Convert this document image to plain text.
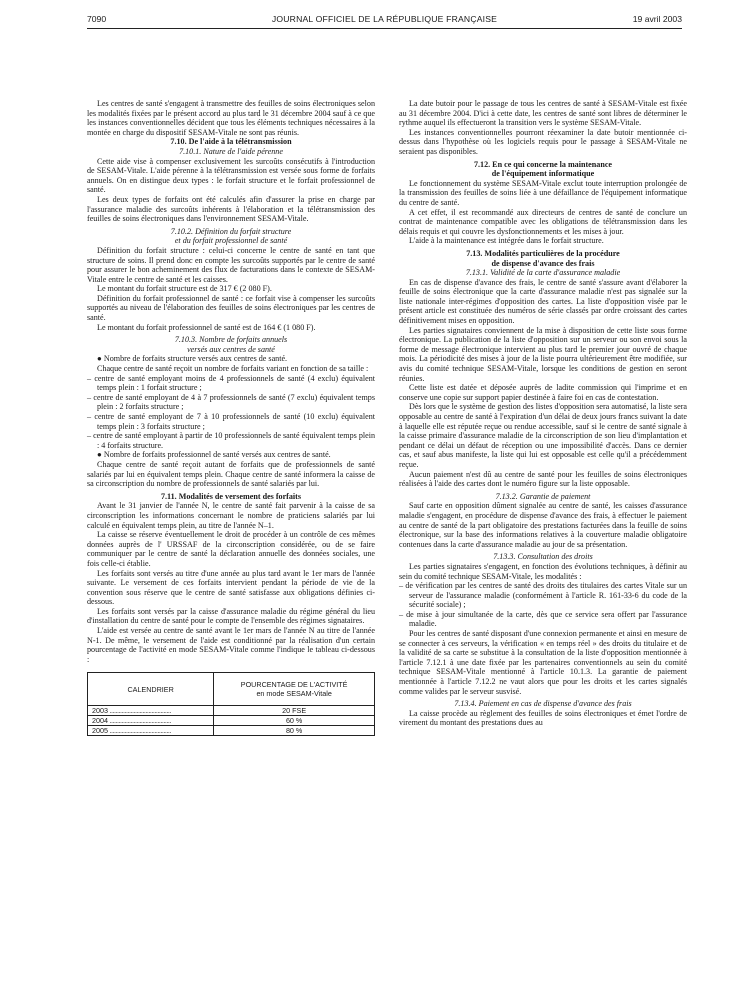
7090	JOURNAL OFFICIEL DE LA RÉPUBLIQUE FRANÇAISE	19 avril 2003

Les centres de santé s'engagent à transmettre des feuilles de soins électroniques selon les modalités fixées par le présent accord au plus tard le 31 décembre 2004 sauf à ce que les instances conventionnelles décident que tous les éléments techniques nécessaires à la montée en charge du dispositif SESAM-Vitale ne sont pas réunis.

7.10. De l'aide à la télétransmission

7.10.1. Nature de l'aide pérenne

Cette aide vise à compenser exclusivement les surcoûts consécutifs à l'introduction de SESAM-Vitale. L'aide pérenne à la télétransmission est versée sous forme de forfaits annuels. On en distingue deux types : le forfait structure et le forfait professionnel de santé.

Les deux types de forfaits ont été calculés afin d'assurer la prise en charge par l'assurance maladie des surcoûts inhérents à l'élaboration et la télétransmission des feuilles de soins électroniques dans l'environnement SESAM-Vitale.

7.10.2. Définition du forfait structure

et du forfait professionnel de santé

Définition du forfait structure : celui-ci concerne le centre de santé en tant que structure de soins. Il prend donc en compte les surcoûts supportés par le centre de santé pour assurer le bon acheminement des flux de facturations dans le contexte de SESAM-Vitale entre le centre de santé et les caisses.

Le montant du forfait structure est de 317 € (2 080 F).

Définition du forfait professionnel de santé : ce forfait vise à compenser les surcoûts supportés au niveau de l'élaboration des feuilles de soins électroniques par les centres de santé.

Le montant du forfait professionnel de santé est de 164 € (1 080 F).

7.10.3. Nombre de forfaits annuels

versés aux centres de santé

● Nombre de forfaits structure versés aux centres de santé.

Chaque centre de santé reçoit un nombre de forfaits variant en fonction de sa taille :

– centre de santé employant moins de 4 professionnels de santé (4 exclu) équivalent temps plein : 1 forfait structure ;

– centre de santé employant de 4 à 7 professionnels de santé (7 exclu) équivalent temps plein : 2 forfaits structure ;

– centre de santé employant de 7 à 10 professionnels de santé (10 exclu) équivalent temps plein : 3 forfaits structure ;

– centre de santé employant à partir de 10 professionnels de santé équivalent temps plein : 4 forfaits structure.

● Nombre de forfaits professionnel de santé versés aux centres de santé.

Chaque centre de santé reçoit autant de forfaits que de professionnels de santé salariés par lui en équivalent temps plein. Chaque centre de santé informera la caisse de sa circonscription du nombre de professionnels de santé salariés par lui.

7.11. Modalités de versement des forfaits

Avant le 31 janvier de l'année N, le centre de santé fait parvenir à la caisse de sa circonscription les informations concernant le nombre de praticiens salariés par lui calculé en équivalent temps plein, au titre de l'année N–1.

La caisse se réserve éventuellement le droit de procéder à un contrôle de ces mêmes données auprès de l' URSSAF de la circonscription considérée, ou de se faire communiquer par le centre de santé la déclaration annuelle des données sociales, une fois celle-ci établie.

Les forfaits sont versés au titre d'une année au plus tard avant le 1er mars de l'année suivante. Le versement de ces forfaits intervient pendant la période de vie de la convention sous réserve que le centre de santé satisfasse aux obligations définies ci-dessous.

Les forfaits sont versés par la caisse d'assurance maladie du régime général du lieu d'installation du centre de santé pour le compte de l'ensemble des régimes signataires.

L'aide est versée au centre de santé avant le 1er mars de l'année N au titre de l'année N-1. De même, le versement de l'aide est conditionné par la réalisation d'un certain pourcentage de l'activité en mode SESAM-Vitale comme l'indique le tableau ci-dessous :

CALENDRIER	POURCENTAGE DE L'ACTIVITÉ
en mode SESAM-Vitale
2003 .........................................	20 FSE
2004 .........................................	60 %
2005 .........................................	80 %

La date butoir pour le passage de tous les centres de santé à SESAM-Vitale est fixée au 31 décembre 2004. D'ici à cette date, les centres de santé sont libres de déterminer le rythme auquel ils effectueront la transition vers le système SESAM-Vitale.

Les instances conventionnelles pourront réexaminer la date butoir mentionnée ci-dessus dans l'hypothèse où les logiciels requis pour le passage à SESAM-Vitale ne seraient pas disponibles.

7.12. En ce qui concerne la maintenance

de l'équipement informatique

Le fonctionnement du système SESAM-Vitale exclut toute interruption prolongée de la transmission des feuilles de soins liée à une défaillance de l'équipement informatique du centre de santé.

A cet effet, il est recommandé aux directeurs de centres de santé de conclure un contrat de maintenance compatible avec les obligations de télétransmission dans les délais requis et qui couvre les dysfonctionnements et les mises à jour.

L'aide à la maintenance est intégrée dans le forfait structure.

7.13. Modalités particulières de la procédure

de dispense d'avance des frais

7.13.1. Validité de la carte d'assurance maladie

En cas de dispense d'avance des frais, le centre de santé s'assure avant d'élaborer la feuille de soins électronique que la carte d'assurance maladie n'est pas signalée sur la liste nationale inter-régimes d'opposition des cartes. La liste d'opposition visée par le présent article est constituée des numéros de série classés par ordre croissant des cartes définitivement mises en opposition.

Les parties signataires conviennent de la mise à disposition de cette liste sous forme électronique. La publication de la liste d'opposition sur un serveur ou son envoi sous la forme de message électronique intervient au plus tard le premier jour ouvré de chaque mois. La périodicité des mises à jour de la liste pourra ultérieurement être modifiée, sur avis du comité technique SESAM-Vitale, lorsque les conditions de gestion en seront réunies.

Cette liste est datée et déposée auprès de ladite commission qui l'imprime et en conserve une copie sur support papier destinée à faire foi en cas de contestation.

Dès lors que le système de gestion des listes d'opposition sera automatisé, la liste sera opposable au centre de santé à l'expiration d'un délai de deux jours francs suivant la date à laquelle elle est réputée reçue ou rendue accessible, sauf si le centre de santé signale à la caisse primaire d'assurance maladie de la circonscription de son lieu d'implantation et pendant ce délai un défaut de réception ou une impossibilité d'accès. Dans ce dernier cas, et sauf abus manifeste, la liste qui lui est opposable est celle qu'il a précédemment reçue.

Aucun paiement n'est dû au centre de santé pour les feuilles de soins électroniques réalisées à l'aide des cartes dont le numéro figure sur la liste opposable.

7.13.2. Garantie de paiement

Sauf carte en opposition dûment signalée au centre de santé, les caisses d'assurance maladie s'engagent, en procédure de dispense d'avance des frais, à effectuer le paiement au centre de santé de la part obligatoire des prestations facturées dans la feuille de soins électronique, sur la base des informations relatives à la couverture maladie obligatoire contenues dans la carte d'assurance maladie au jour de sa présentation.

7.13.3. Consultation des droits

Les parties signataires s'engagent, en fonction des évolutions techniques, à définir au sein du comité technique SESAM-Vitale, les modalités :

– de vérification par les centres de santé des droits des titulaires des cartes Vitale sur un serveur de l'assurance maladie (conformément à l'article R. 161-33-6 du code de la sécurité sociale) ;

– de mise à jour simultanée de la carte, dès que ce service sera offert par l'assurance maladie.

Pour les centres de santé disposant d'une connexion permanente et ainsi en mesure de se connecter à ces serveurs, la vérification « en temps réel » des droits du titulaire et de la validité de sa carte se substitue à la consultation de la liste d'opposition mentionnée à l'article 7.12.1 à une date fixée par les partenaires conventionnels au sein du comité technique SESAM-Vitale mentionné à l'article 10.1.3. La garantie de paiement mentionnée à l'article 7.12.2 ne vaut alors que pour les droits et les cartes signalés comme valides par le serveur susvisé.

7.13.4. Paiement en cas de dispense d'avance des frais

La caisse procède au règlement des feuilles de soins électroniques et émet l'ordre de virement du montant des prestations dues au
